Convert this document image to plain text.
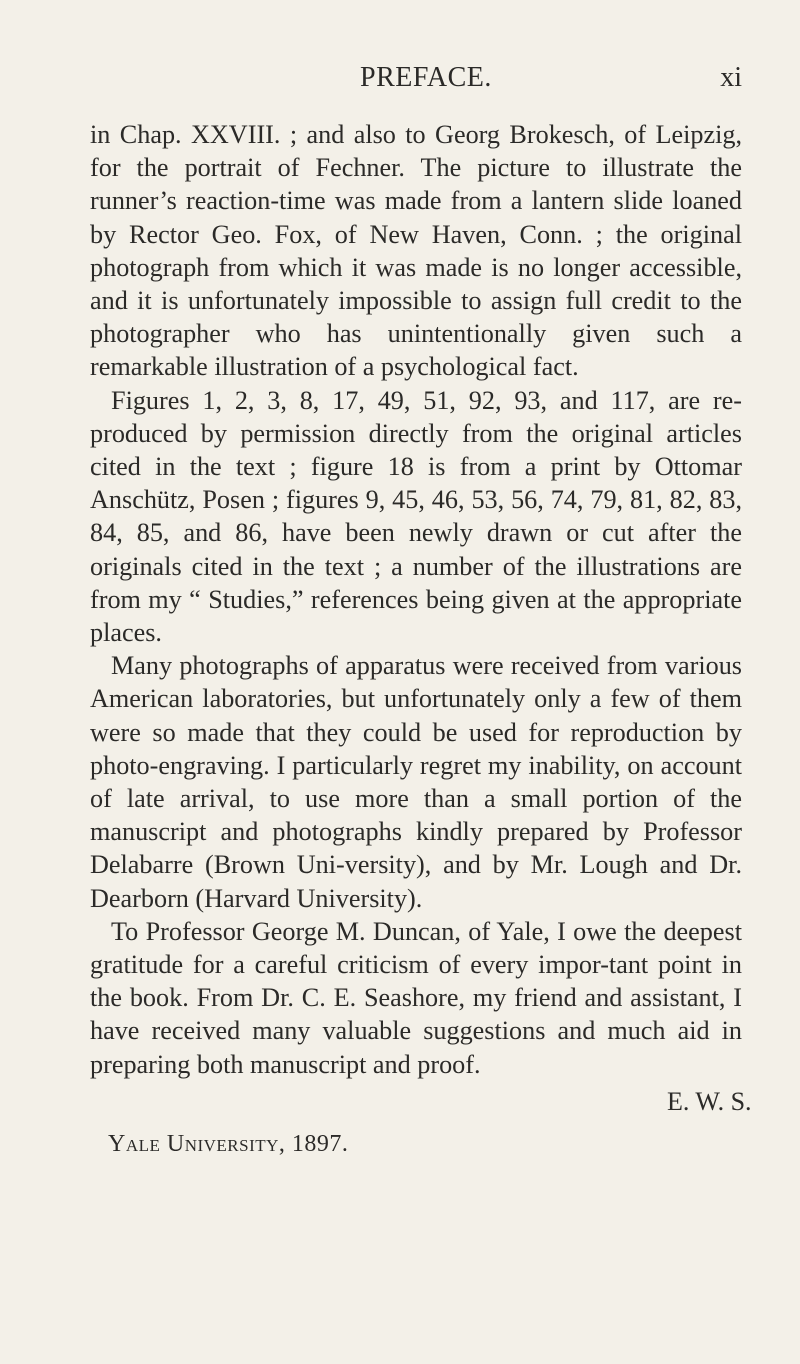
PREFACE.	xi

in Chap. XXVIII. ; and also to Georg Brokesch, of Leipzig, for the portrait of Fechner. The picture to illustrate the runner’s reaction-time was made from a lantern slide loaned by Rector Geo. Fox, of New Haven, Conn. ; the original photograph from which it was made is no longer accessible, and it is unfortunately impossible to assign full credit to the photographer who has unintentionally given such a remarkable illustration of a psychological fact.

Figures 1, 2, 3, 8, 17, 49, 51, 92, 93, and 117, are re-produced by permission directly from the original articles cited in the text ; figure 18 is from a print by Ottomar Anschütz, Posen ; figures 9, 45, 46, 53, 56, 74, 79, 81, 82, 83, 84, 85, and 86, have been newly drawn or cut after the originals cited in the text ; a number of the illustrations are from my “ Studies,” references being given at the appropriate places.

Many photographs of apparatus were received from various American laboratories, but unfortunately only a few of them were so made that they could be used for reproduction by photo-engraving. I particularly regret my inability, on account of late arrival, to use more than a small portion of the manuscript and photographs kindly prepared by Professor Delabarre (Brown Uni-versity), and by Mr. Lough and Dr. Dearborn (Harvard University).

To Professor George M. Duncan, of Yale, I owe the deepest gratitude for a careful criticism of every impor-tant point in the book. From Dr. C. E. Seashore, my friend and assistant, I have received many valuable suggestions and much aid in preparing both manuscript and proof.

E. W. S.
Yale University, 1897.
